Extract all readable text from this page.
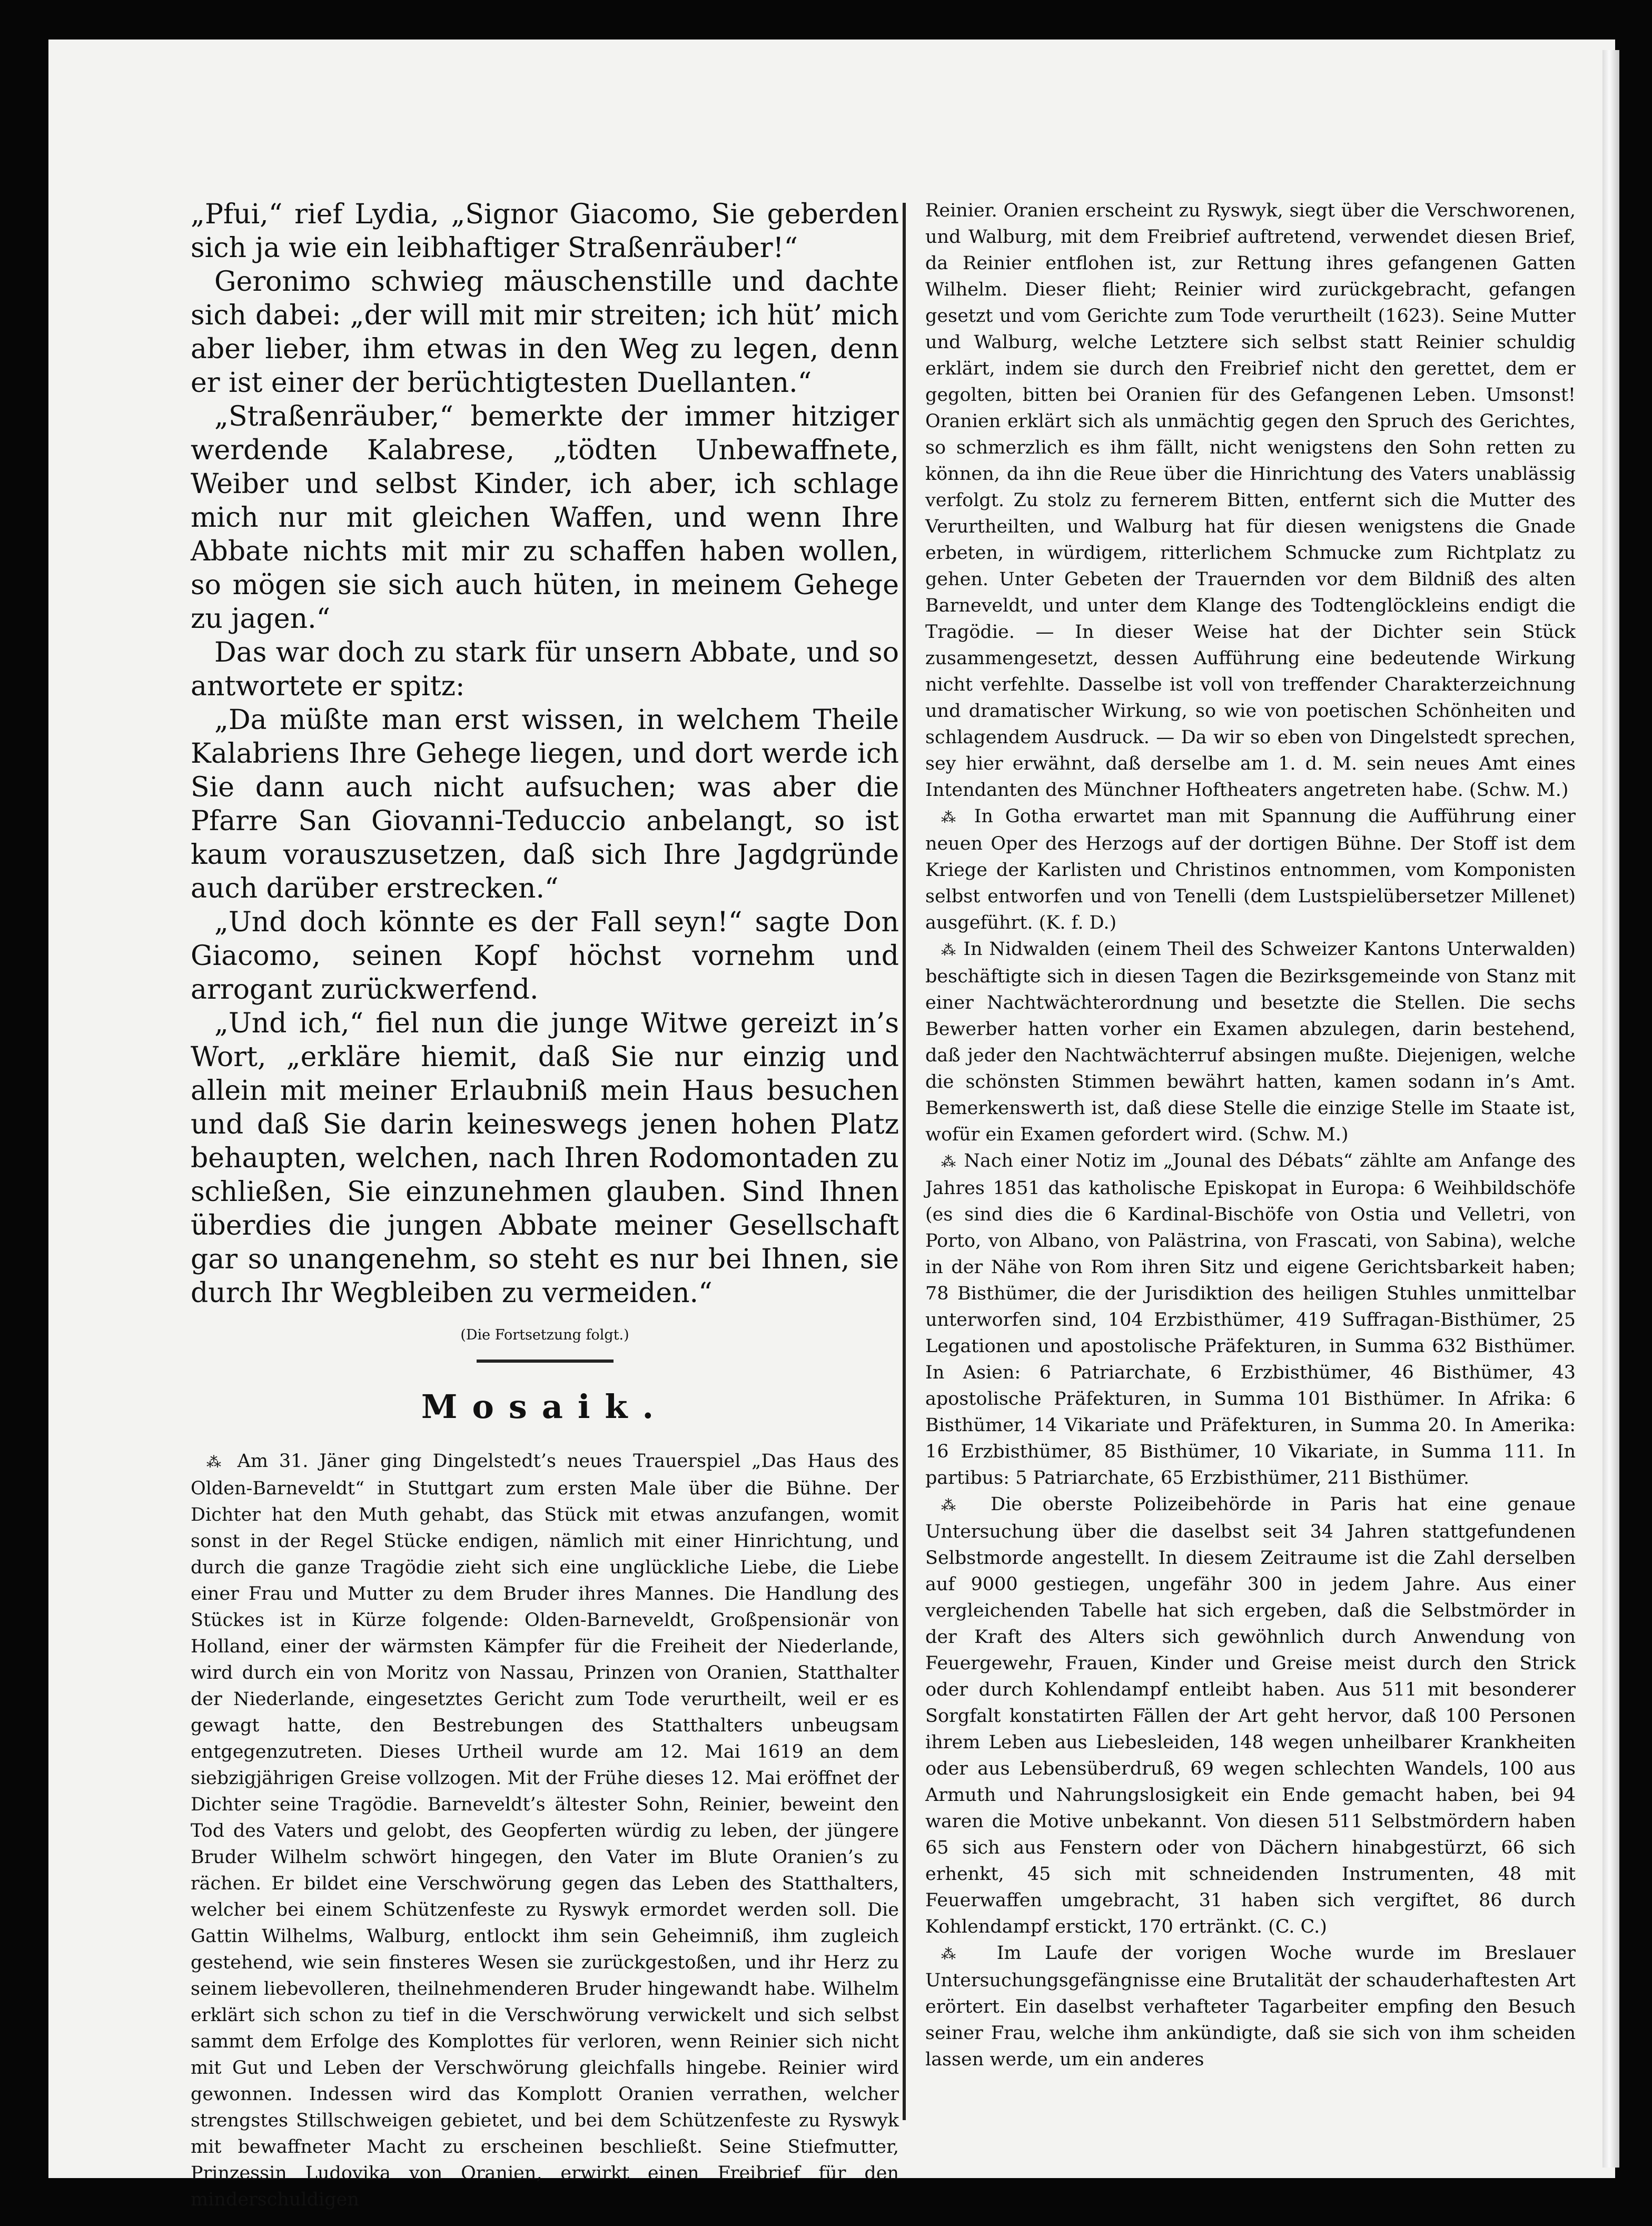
„Pfui,“ rief Lydia, „Signor Giacomo, Sie geberden sich ja wie ein leibhaftiger Straßenräuber!“

Geronimo schwieg mäuschenstille und dachte sich dabei: „der will mit mir streiten; ich hüt’ mich aber lieber, ihm etwas in den Weg zu legen, denn er ist einer der berüchtigtesten Duellanten.“

„Straßenräuber,“ bemerkte der immer hitziger werdende Kalabrese, „tödten Unbewaffnete, Weiber und selbst Kinder, ich aber, ich schlage mich nur mit gleichen Waffen, und wenn Ihre Abbate nichts mit mir zu schaffen haben wollen, so mögen sie sich auch hüten, in meinem Gehege zu jagen.“

Das war doch zu stark für unsern Abbate, und so antwortete er spitz:

„Da müßte man erst wissen, in welchem Theile Kalabriens Ihre Gehege liegen, und dort werde ich Sie dann auch nicht aufsuchen; was aber die Pfarre San Giovanni-Teduccio anbelangt, so ist kaum vorauszusetzen, daß sich Ihre Jagdgründe auch darüber erstrecken.“

„Und doch könnte es der Fall seyn!“ sagte Don Giacomo, seinen Kopf höchst vornehm und arrogant zurückwerfend.

„Und ich,“ fiel nun die junge Witwe gereizt in’s Wort, „erkläre hiemit, daß Sie nur einzig und allein mit meiner Erlaubniß mein Haus besuchen und daß Sie darin keineswegs jenen hohen Platz behaupten, welchen, nach Ihren Rodomontaden zu schließen, Sie einzunehmen glauben. Sind Ihnen überdies die jungen Abbate meiner Gesellschaft gar so unangenehm, so steht es nur bei Ihnen, sie durch Ihr Wegbleiben zu vermeiden.“

(Die Fortsetzung folgt.)
Mosaik.

⁂ Am 31. Jäner ging Dingelstedt’s neues Trauerspiel „Das Haus des Olden-Barneveldt“ in Stuttgart zum ersten Male über die Bühne. Der Dichter hat den Muth gehabt, das Stück mit etwas anzufangen, womit sonst in der Regel Stücke endigen, nämlich mit einer Hinrichtung, und durch die ganze Tragödie zieht sich eine unglückliche Liebe, die Liebe einer Frau und Mutter zu dem Bruder ihres Mannes. Die Handlung des Stückes ist in Kürze folgende: Olden-Barneveldt, Großpensionär von Holland, einer der wärmsten Kämpfer für die Freiheit der Niederlande, wird durch ein von Moritz von Nassau, Prinzen von Oranien, Statthalter der Niederlande, eingesetztes Gericht zum Tode verurtheilt, weil er es gewagt hatte, den Bestrebungen des Statthalters unbeugsam entgegenzutreten. Dieses Urtheil wurde am 12. Mai 1619 an dem siebzigjährigen Greise vollzogen. Mit der Frühe dieses 12. Mai eröffnet der Dichter seine Tragödie. Barneveldt’s ältester Sohn, Reinier, beweint den Tod des Vaters und gelobt, des Geopferten würdig zu leben, der jüngere Bruder Wilhelm schwört hingegen, den Vater im Blute Oranien’s zu rächen. Er bildet eine Verschwörung gegen das Leben des Statthalters, welcher bei einem Schützenfeste zu Ryswyk ermordet werden soll. Die Gattin Wilhelms, Walburg, entlockt ihm sein Geheimniß, ihm zugleich gestehend, wie sein finsteres Wesen sie zurückgestoßen, und ihr Herz zu seinem liebevolleren, theilnehmenderen Bruder hingewandt habe. Wilhelm erklärt sich schon zu tief in die Verschwörung verwickelt und sich selbst sammt dem Erfolge des Komplottes für verloren, wenn Reinier sich nicht mit Gut und Leben der Verschwörung gleichfalls hingebe. Reinier wird gewonnen. Indessen wird das Komplott Oranien verrathen, welcher strengstes Stillschweigen gebietet, und bei dem Schützenfeste zu Ryswyk mit bewaffneter Macht zu erscheinen beschließt. Seine Stiefmutter, Prinzessin Ludovika von Oranien, erwirkt einen Freibrief für den minderschuldigen

Reinier. Oranien erscheint zu Ryswyk, siegt über die Verschworenen, und Walburg, mit dem Freibrief auftretend, verwendet diesen Brief, da Reinier entflohen ist, zur Rettung ihres gefangenen Gatten Wilhelm. Dieser flieht; Reinier wird zurückgebracht, gefangen gesetzt und vom Gerichte zum Tode verurtheilt (1623). Seine Mutter und Walburg, welche Letztere sich selbst statt Reinier schuldig erklärt, indem sie durch den Freibrief nicht den gerettet, dem er gegolten, bitten bei Oranien für des Gefangenen Leben. Umsonst! Oranien erklärt sich als unmächtig gegen den Spruch des Gerichtes, so schmerzlich es ihm fällt, nicht wenigstens den Sohn retten zu können, da ihn die Reue über die Hinrichtung des Vaters unablässig verfolgt. Zu stolz zu fernerem Bitten, entfernt sich die Mutter des Verurtheilten, und Walburg hat für diesen wenigstens die Gnade erbeten, in würdigem, ritterlichem Schmucke zum Richtplatz zu gehen. Unter Gebeten der Trauernden vor dem Bildniß des alten Barneveldt, und unter dem Klange des Todtenglöckleins endigt die Tragödie. — In dieser Weise hat der Dichter sein Stück zusammengesetzt, dessen Aufführung eine bedeutende Wirkung nicht verfehlte. Dasselbe ist voll von treffender Charakterzeichnung und dramatischer Wirkung, so wie von poetischen Schönheiten und schlagendem Ausdruck. — Da wir so eben von Dingelstedt sprechen, sey hier erwähnt, daß derselbe am 1. d. M. sein neues Amt eines Intendanten des Münchner Hoftheaters angetreten habe. (Schw. M.)

⁂ In Gotha erwartet man mit Spannung die Aufführung einer neuen Oper des Herzogs auf der dortigen Bühne. Der Stoff ist dem Kriege der Karlisten und Christinos entnommen, vom Komponisten selbst entworfen und von Tenelli (dem Lustspielübersetzer Millenet) ausgeführt. (K. f. D.)

⁂ In Nidwalden (einem Theil des Schweizer Kantons Unterwalden) beschäftigte sich in diesen Tagen die Bezirksgemeinde von Stanz mit einer Nachtwächterordnung und besetzte die Stellen. Die sechs Bewerber hatten vorher ein Examen abzulegen, darin bestehend, daß jeder den Nachtwächterruf absingen mußte. Diejenigen, welche die schönsten Stimmen bewährt hatten, kamen sodann in’s Amt. Bemerkenswerth ist, daß diese Stelle die einzige Stelle im Staate ist, wofür ein Examen gefordert wird. (Schw. M.)

⁂ Nach einer Notiz im „Jounal des Débats“ zählte am Anfange des Jahres 1851 das katholische Episkopat in Europa: 6 Weihbildschöfe (es sind dies die 6 Kardinal-Bischöfe von Ostia und Velletri, von Porto, von Albano, von Palästrina, von Frascati, von Sabina), welche in der Nähe von Rom ihren Sitz und eigene Gerichtsbarkeit haben; 78 Bisthümer, die der Jurisdiktion des heiligen Stuhles unmittelbar unterworfen sind, 104 Erzbisthümer, 419 Suffragan-Bisthümer, 25 Legationen und apostolische Präfekturen, in Summa 632 Bisthümer. In Asien: 6 Patriarchate, 6 Erzbisthümer, 46 Bisthümer, 43 apostolische Präfekturen, in Summa 101 Bisthümer. In Afrika: 6 Bisthümer, 14 Vikariate und Präfekturen, in Summa 20. In Amerika: 16 Erzbisthümer, 85 Bisthümer, 10 Vikariate, in Summa 111. In partibus: 5 Patriarchate, 65 Erzbisthümer, 211 Bisthümer.

⁂ Die oberste Polizeibehörde in Paris hat eine genaue Untersuchung über die daselbst seit 34 Jahren stattgefundenen Selbstmorde angestellt. In diesem Zeitraume ist die Zahl derselben auf 9000 gestiegen, ungefähr 300 in jedem Jahre. Aus einer vergleichenden Tabelle hat sich ergeben, daß die Selbstmörder in der Kraft des Alters sich gewöhnlich durch Anwendung von Feuergewehr, Frauen, Kinder und Greise meist durch den Strick oder durch Kohlendampf entleibt haben. Aus 511 mit besonderer Sorgfalt konstatirten Fällen der Art geht hervor, daß 100 Personen ihrem Leben aus Liebesleiden, 148 wegen unheilbarer Krankheiten oder aus Lebensüberdruß, 69 wegen schlechten Wandels, 100 aus Armuth und Nahrungslosigkeit ein Ende gemacht haben, bei 94 waren die Motive unbekannt. Von diesen 511 Selbstmördern haben 65 sich aus Fenstern oder von Dächern hinabgestürzt, 66 sich erhenkt, 45 sich mit schneidenden Instrumenten, 48 mit Feuerwaffen umgebracht, 31 haben sich vergiftet, 86 durch Kohlendampf erstickt, 170 ertränkt. (C. C.)

⁂ Im Laufe der vorigen Woche wurde im Breslauer Untersuchungsgefängnisse eine Brutalität der schauderhaftesten Art erörtert. Ein daselbst verhafteter Tagarbeiter empfing den Besuch seiner Frau, welche ihm ankündigte, daß sie sich von ihm scheiden lassen werde, um ein anderes
